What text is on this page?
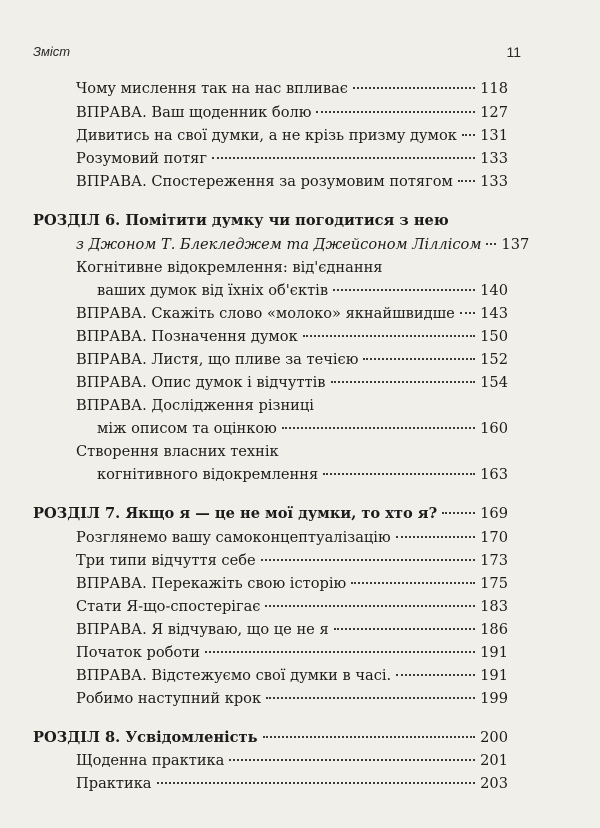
Зміст	11
Чому мислення так на нас впливає	118
ВПРАВА. Ваш щоденник болю	127
Дивитись на свої думки, а не крізь призму думок 131
Розумовий потяг	133
ВПРАВА. Спостереження за розумовим потягом 133
РОЗДІЛ 6. Помітити думку чи погодитися з нею
з Джоном Т. Блекледжем та Джейсоном Ліллісом 137
Когнітивне відокремлення: від'єднання
ваших думок від їхніх об'єктів	140
ВПРАВА. Скажіть слово «молоко» якнайшвидше 143
ВПРАВА. Позначення думок	150
ВПРАВА. Листя, що пливе за течією	152
ВПРАВА. Опис думок і відчуттів	154
ВПРАВА. Дослідження різниці
між описом та оцінкою	160
Створення власних технік
когнітивного відокремлення	163
РОЗДІЛ 7. Якщо я — це не мої думки, то хто я?	169
Розглянемо вашу самоконцептуалізацію	170
Три типи відчуття себе	173
ВПРАВА. Перекажіть свою історію	175
Стати Я-що-спостерігає	183
ВПРАВА. Я відчуваю, що це не я	186
Початок роботи	191
ВПРАВА. Відстежуємо свої думки в часі.	191
Робимо наступний крок	199
РОЗДІЛ 8. Усвідомленість	200
Щоденна практика	201
Практика	203
